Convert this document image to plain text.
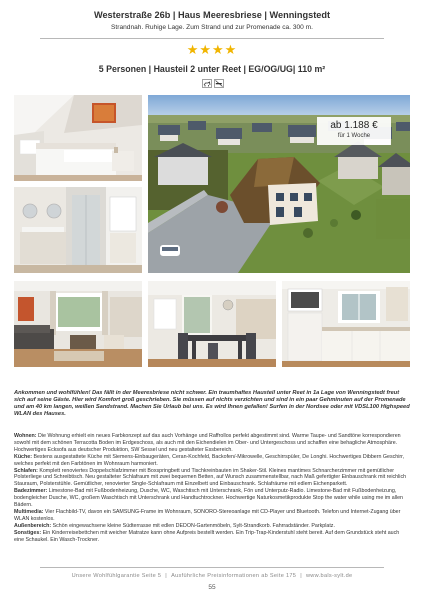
Westerstraße 26b | Haus Meeresbriese | Wenningstedt
Strandnah. Ruhige Lage. Zum Strand und zur Promenade ca. 300 m.
★★★★
5 Personen | Hausteil 2 unter Reet | EG/OG/UG| 110 m²
ab 1.188 €
für 1 Woche
Ankommen und wohlfühlen! Das fällt in der Meeresbriese nicht schwer. Ein traumhaftes Hausteil unter Reet in 1a Lage von Wenningstedt freut sich auf seine Gäste. Hier wird Komfort groß geschrieben. Sie müssen auf nichts verzichten und sind in ein paar Gehminuten auf der Promenade und am 40 km langen, weißen Sandstrand. Machen Sie Urlaub bei uns. Es wird Ihnen gefallen! Surfen in der Nordsee oder mit VDSL100 Highspeed WLAN des Hauses.

Wohnen: Die Wohnung erhielt ein neues Farbkonzept auf das auch Vorhänge und Raffrollos perfekt abgestimmt sind. Warme Taupe- und Sandtöne korrespondieren sowohl mit dem schönen Terracotta Boden im Erdgeschoss, als auch mit den Eichendielen im Ober- und Untergeschoss und schaffen eine behagliche Atmosphäre. Hochwertiges Ecksofa aus deutscher Produktion, SW Sessel und neu gestalteter Essbereich.

Küche: Bestens ausgestattete Küche mit Siemens-Einbaugeräten, Ceran-Kochfeld, Backofen/-Mikrowelle, Geschirrspüler, De Longhi. Hochwertiges Dibbern Geschirr, welches perfekt mit den Farbtönen im Wohnraum harmoniert.

Schlafen: Komplett renoviertes Doppelschlafzimmer mit Boxspringbett und Tischkreinbauten im Shaker-Stil. Kleines mantimes Schnarcherzimmer mit gemütlicher Polsterliege und Schreibtisch. Neu gestalteter Schlafraum mit zwei bequemen Betten, auf Wunsch zusammenstellbar, nach Maß gefertigter Einbauschrank mit reichlich Stauraum, Polsterstühle. Gemütlicher, renovierter Single-Schlafraum mit Einzelbett und Einbauschrank. Schlafräume mit edlem Eichenparkett.

Badezimmer: Limestone-Bad mit Fußbodenheizung, Dusche, WC, Waschtisch mit Unterschrank, Fön und Unterputz-Radio. Limestone-Bad mit Fußbodenheizung, bodengleicher Dusche, WC, großem Waschtisch mit Unterschrank und Handtuchtrockner. Hochwertige Naturkosmetikprodukte Stop the water while using me im allen Bädern.

Multimedia: Vier Flachbild-TV, davon ein SAMSUNG-Frame im Wohnraum, SONORO-Stereoanlage mit CD-Player und Bluetooth. Telefon und Internet-Zugang über WLAN kostenlos.

Außenbereich: Schön eingewachsene kleine Südterrasse mit edlen DEDON-Gartenmöbeln, Sylt-Strandkorb. Fahrradständer. Parkplatz.

Sonstiges: Ein Kinderreisebettchen mit weicher Matratze kann ohne Aufpreis bestellt werden. Ein Trip-Trap-Kinderstuhl steht bereit. Auf dem Grundstück steht auch eine Schaukel. Ein Wasch-Trockner.

Unsere Wohlfühlgarantie Seite 5 | Ausführliche Preisinformationen ab Seite 175 | www.bals-sylt.de
55
